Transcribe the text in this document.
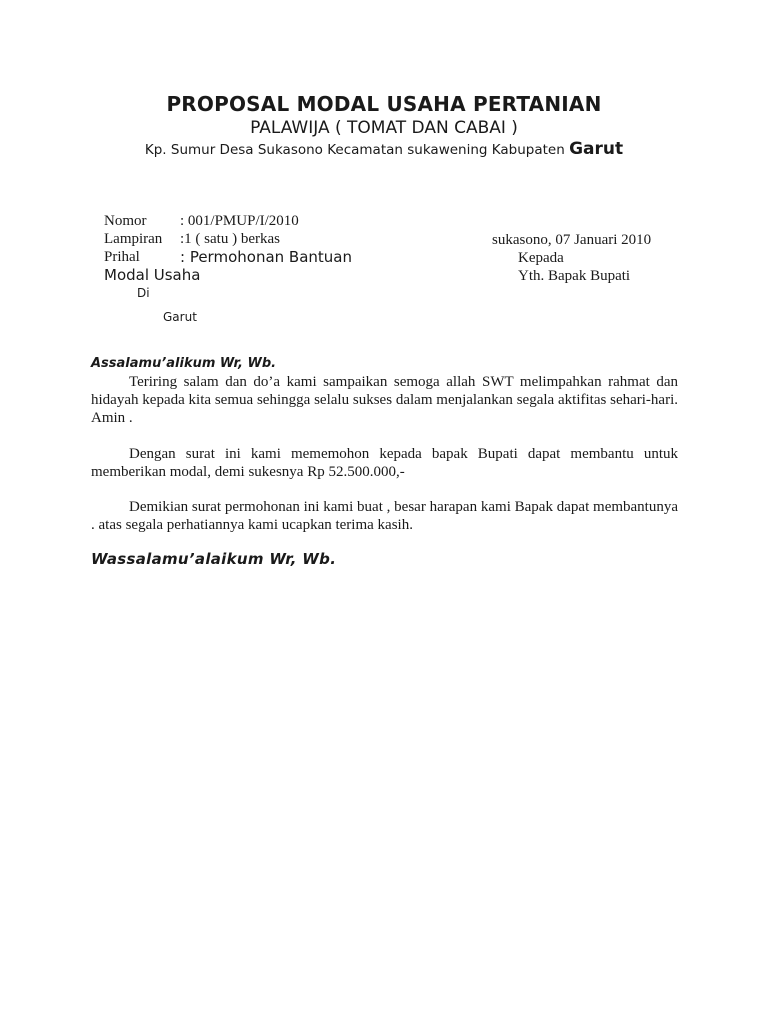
PROPOSAL MODAL USAHA PERTANIAN
PALAWIJA ( TOMAT DAN CABAI )
Kp. Sumur Desa Sukasono Kecamatan sukawening Kabupaten Garut
Nomor : 001/PMUP/I/2010
Lampiran :1 ( satu ) berkas
Prihal	: Permohonan Bantuan
Modal Usaha
Di
Garut
sukasono, 07 Januari 2010
Kepada
Yth. Bapak Bupati
Assalamu’alikum Wr, Wb.

Teriring salam dan do’a kami sampaikan semoga allah SWT melimpahkan rahmat dan hidayah kepada kita semua sehingga selalu sukses dalam menjalankan segala aktifitas sehari-hari. Amin .

Dengan surat ini kami mememohon kepada bapak Bupati dapat membantu untuk memberikan modal, demi sukesnya Rp 52.500.000,-

Demikian surat permohonan ini kami buat , besar harapan kami Bapak dapat membantunya . atas segala perhatiannya kami ucapkan terima kasih.

Wassalamu’alaikum Wr, Wb.
